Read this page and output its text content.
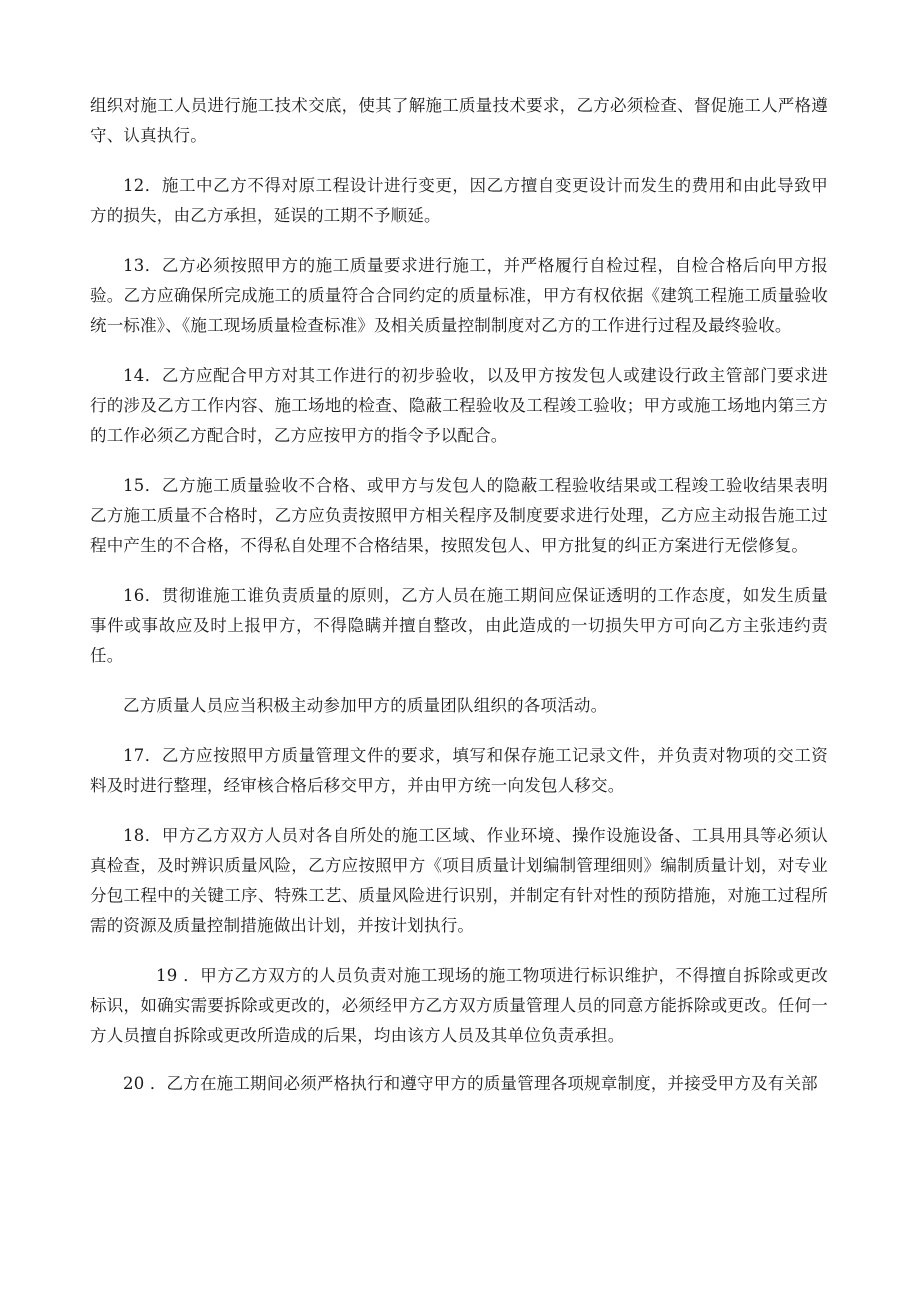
组织对施工人员进行施工技术交底，使其了解施工质量技术要求，乙方必须检查、督促施工人严格遵守、认真执行。

12．施工中乙方不得对原工程设计进行变更，因乙方擅自变更设计而发生的费用和由此导致甲方的损失，由乙方承担，延误的工期不予顺延。

13．乙方必须按照甲方的施工质量要求进行施工，并严格履行自检过程，自检合格后向甲方报验。乙方应确保所完成施工的质量符合合同约定的质量标准，甲方有权依据《建筑工程施工质量验收统一标准》、《施工现场质量检查标准》及相关质量控制制度对乙方的工作进行过程及最终验收。

14．乙方应配合甲方对其工作进行的初步验收，以及甲方按发包人或建设行政主管部门要求进行的涉及乙方工作内容、施工场地的检查、隐蔽工程验收及工程竣工验收；甲方或施工场地内第三方的工作必须乙方配合时，乙方应按甲方的指令予以配合。

15．乙方施工质量验收不合格、或甲方与发包人的隐蔽工程验收结果或工程竣工验收结果表明乙方施工质量不合格时，乙方应负责按照甲方相关程序及制度要求进行处理，乙方应主动报告施工过程中产生的不合格，不得私自处理不合格结果，按照发包人、甲方批复的纠正方案进行无偿修复。

16．贯彻谁施工谁负责质量的原则，乙方人员在施工期间应保证透明的工作态度，如发生质量事件或事故应及时上报甲方，不得隐瞒并擅自整改，由此造成的一切损失甲方可向乙方主张违约责任。

乙方质量人员应当积极主动参加甲方的质量团队组织的各项活动。

17．乙方应按照甲方质量管理文件的要求，填写和保存施工记录文件，并负责对物项的交工资料及时进行整理，经审核合格后移交甲方，并由甲方统一向发包人移交。

18．甲方乙方双方人员对各自所处的施工区域、作业环境、操作设施设备、工具用具等必须认真检查，及时辨识质量风险，乙方应按照甲方《项目质量计划编制管理细则》编制质量计划，对专业分包工程中的关键工序、特殊工艺、质量风险进行识别，并制定有针对性的预防措施，对施工过程所需的资源及质量控制措施做出计划，并按计划执行。

19 ．甲方乙方双方的人员负责对施工现场的施工物项进行标识维护，不得擅自拆除或更改标识，如确实需要拆除或更改的，必须经甲方乙方双方质量管理人员的同意方能拆除或更改。任何一方人员擅自拆除或更改所造成的后果，均由该方人员及其单位负责承担。

20 ．乙方在施工期间必须严格执行和遵守甲方的质量管理各项规章制度，并接受甲方及有关部
